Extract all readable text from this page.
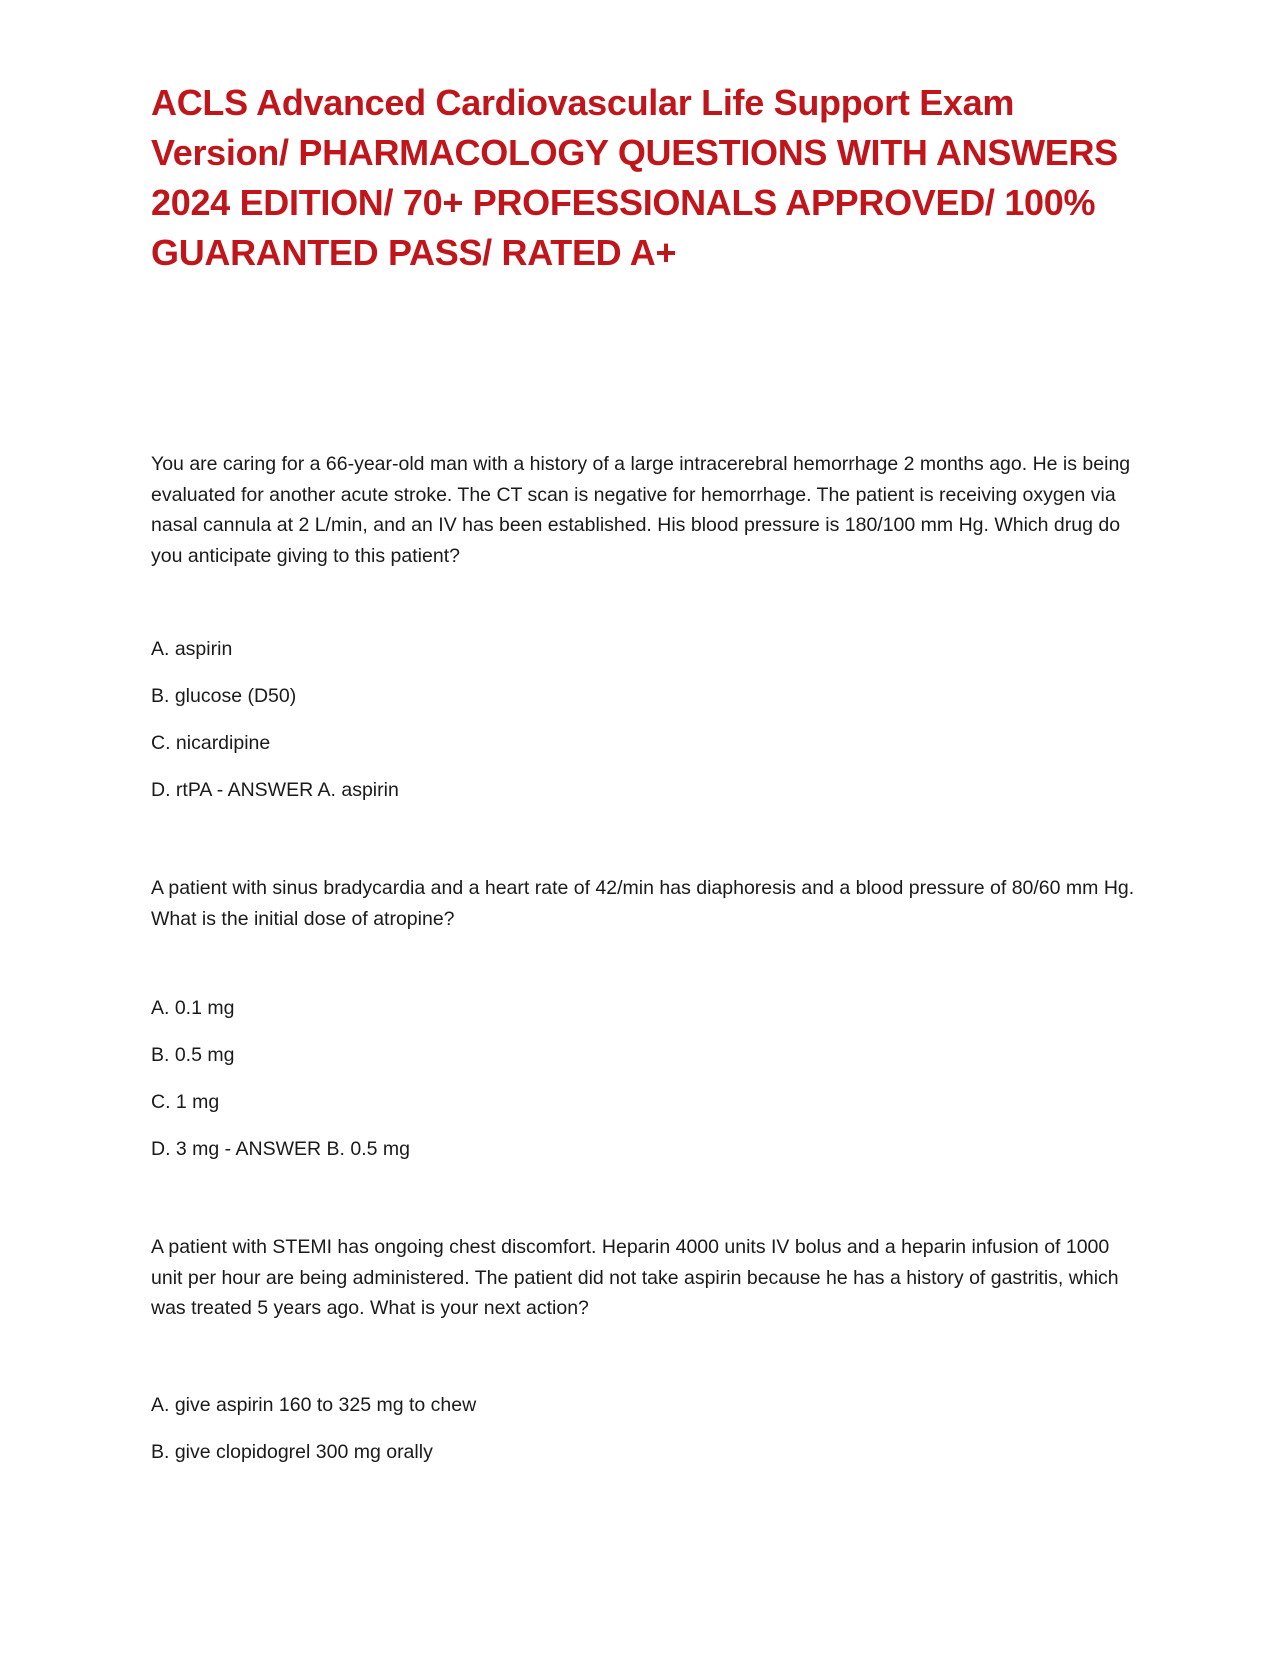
ACLS Advanced Cardiovascular Life Support Exam Version/ PHARMACOLOGY QUESTIONS WITH ANSWERS 2024 EDITION/ 70+ PROFESSIONALS APPROVED/ 100% GUARANTED PASS/ RATED A+

You are caring for a 66-year-old man with a history of a large intracerebral hemorrhage 2 months ago. He is being evaluated for another acute stroke. The CT scan is negative for hemorrhage. The patient is receiving oxygen via nasal cannula at 2 L/min, and an IV has been established. His blood pressure is 180/100 mm Hg. Which drug do you anticipate giving to this patient?

A. aspirin
B. glucose (D50)
C. nicardipine
D. rtPA - ANSWER A. aspirin

A patient with sinus bradycardia and a heart rate of 42/min has diaphoresis and a blood pressure of 80/60 mm Hg. What is the initial dose of atropine?

A. 0.1 mg
B. 0.5 mg
C. 1 mg
D. 3 mg - ANSWER B. 0.5 mg

A patient with STEMI has ongoing chest discomfort. Heparin 4000 units IV bolus and a heparin infusion of 1000 unit per hour are being administered. The patient did not take aspirin because he has a history of gastritis, which was treated 5 years ago. What is your next action?

A. give aspirin 160 to 325 mg to chew
B. give clopidogrel 300 mg orally
